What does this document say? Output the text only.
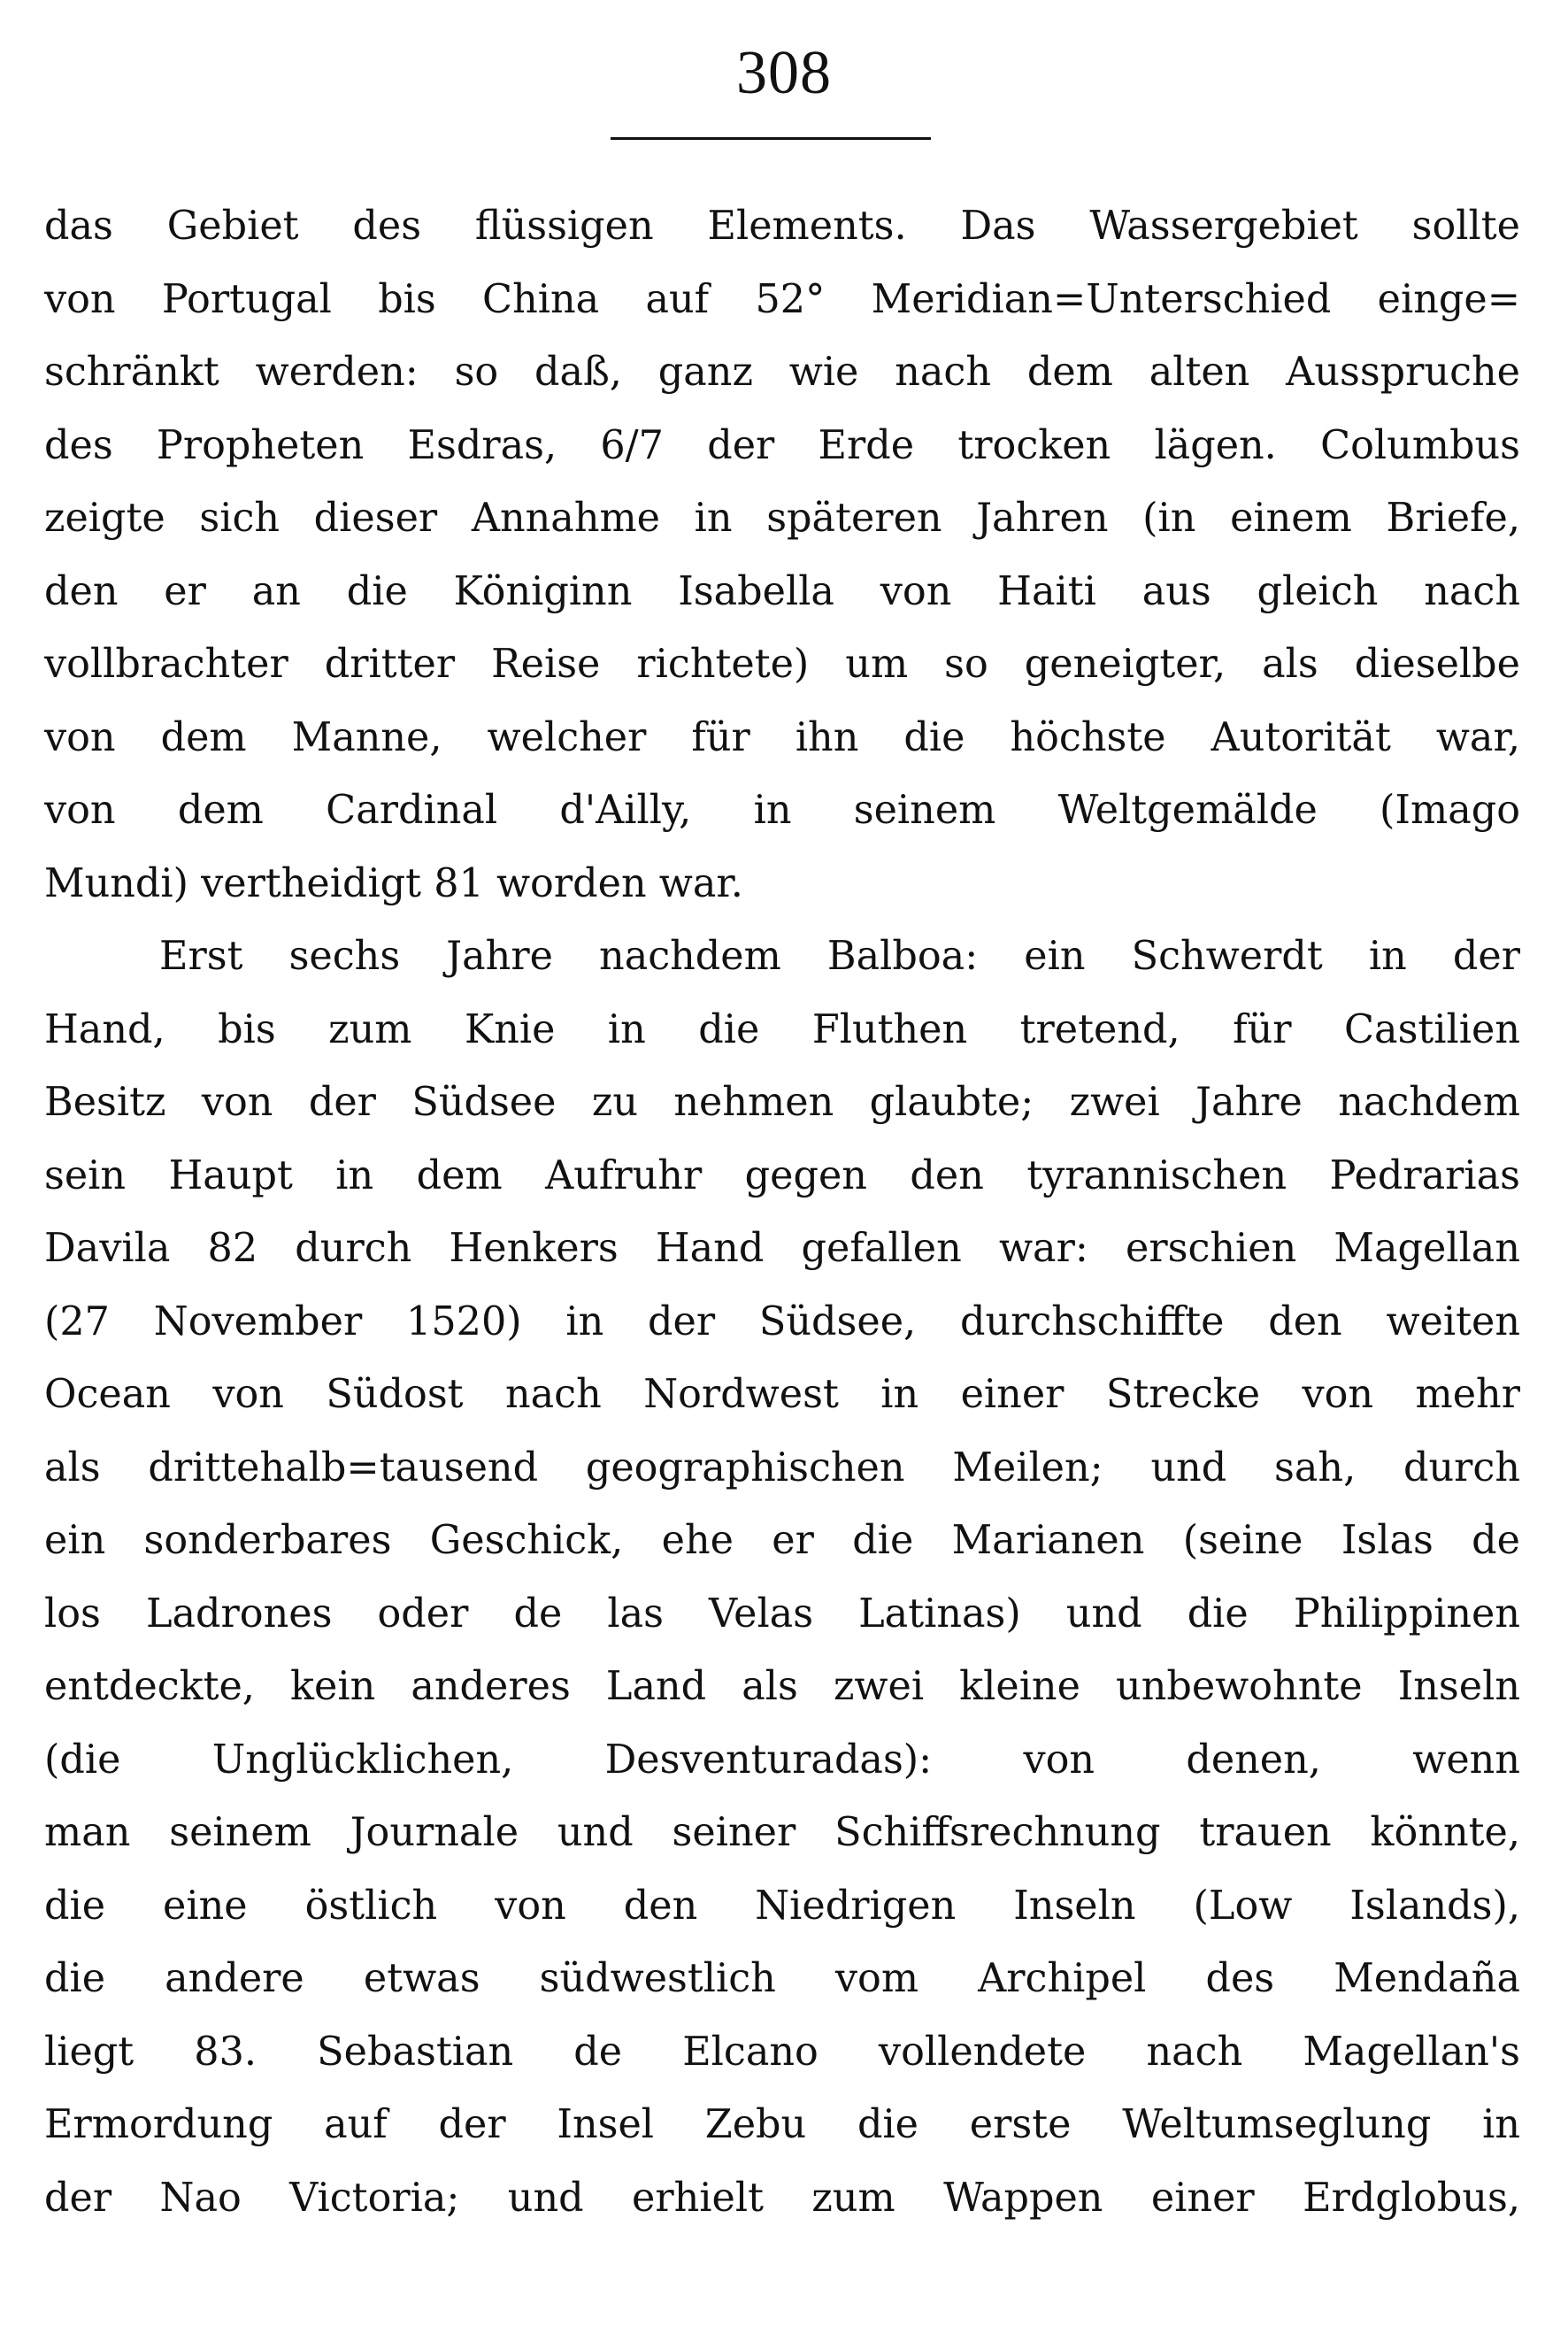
308
das Gebiet des flüssigen Elements. Das Wassergebiet sollte
von Portugal bis China auf 52° Meridian=Unterschied einge=
schränkt werden: so daß, ganz wie nach dem alten Ausspruche
des Propheten Esdras, 6/7 der Erde trocken lägen. Columbus
zeigte sich dieser Annahme in späteren Jahren (in einem Briefe,
den er an die Königinn Isabella von Haiti aus gleich nach
vollbrachter dritter Reise richtete) um so geneigter, als dieselbe
von dem Manne, welcher für ihn die höchste Autorität war,
von dem Cardinal d'Ailly, in seinem Weltgemälde (Imago
Mundi) vertheidigt 81 worden war.
Erst sechs Jahre nachdem Balboa: ein Schwerdt in der
Hand, bis zum Knie in die Fluthen tretend, für Castilien
Besitz von der Südsee zu nehmen glaubte; zwei Jahre nachdem
sein Haupt in dem Aufruhr gegen den tyrannischen Pedrarias
Davila 82 durch Henkers Hand gefallen war: erschien Magellan
(27 November 1520) in der Südsee, durchschiffte den weiten
Ocean von Südost nach Nordwest in einer Strecke von mehr
als drittehalb=tausend geographischen Meilen; und sah, durch
ein sonderbares Geschick, ehe er die Marianen (seine Islas de
los Ladrones oder de las Velas Latinas) und die Philippinen
entdeckte, kein anderes Land als zwei kleine unbewohnte Inseln
(die Unglücklichen, Desventuradas): von denen, wenn
man seinem Journale und seiner Schiffsrechnung trauen könnte,
die eine östlich von den Niedrigen Inseln (Low Islands),
die andere etwas südwestlich vom Archipel des Mendaña
liegt 83. Sebastian de Elcano vollendete nach Magellan's
Ermordung auf der Insel Zebu die erste Weltumseglung in
der Nao Victoria; und erhielt zum Wappen einer Erdglobus,
